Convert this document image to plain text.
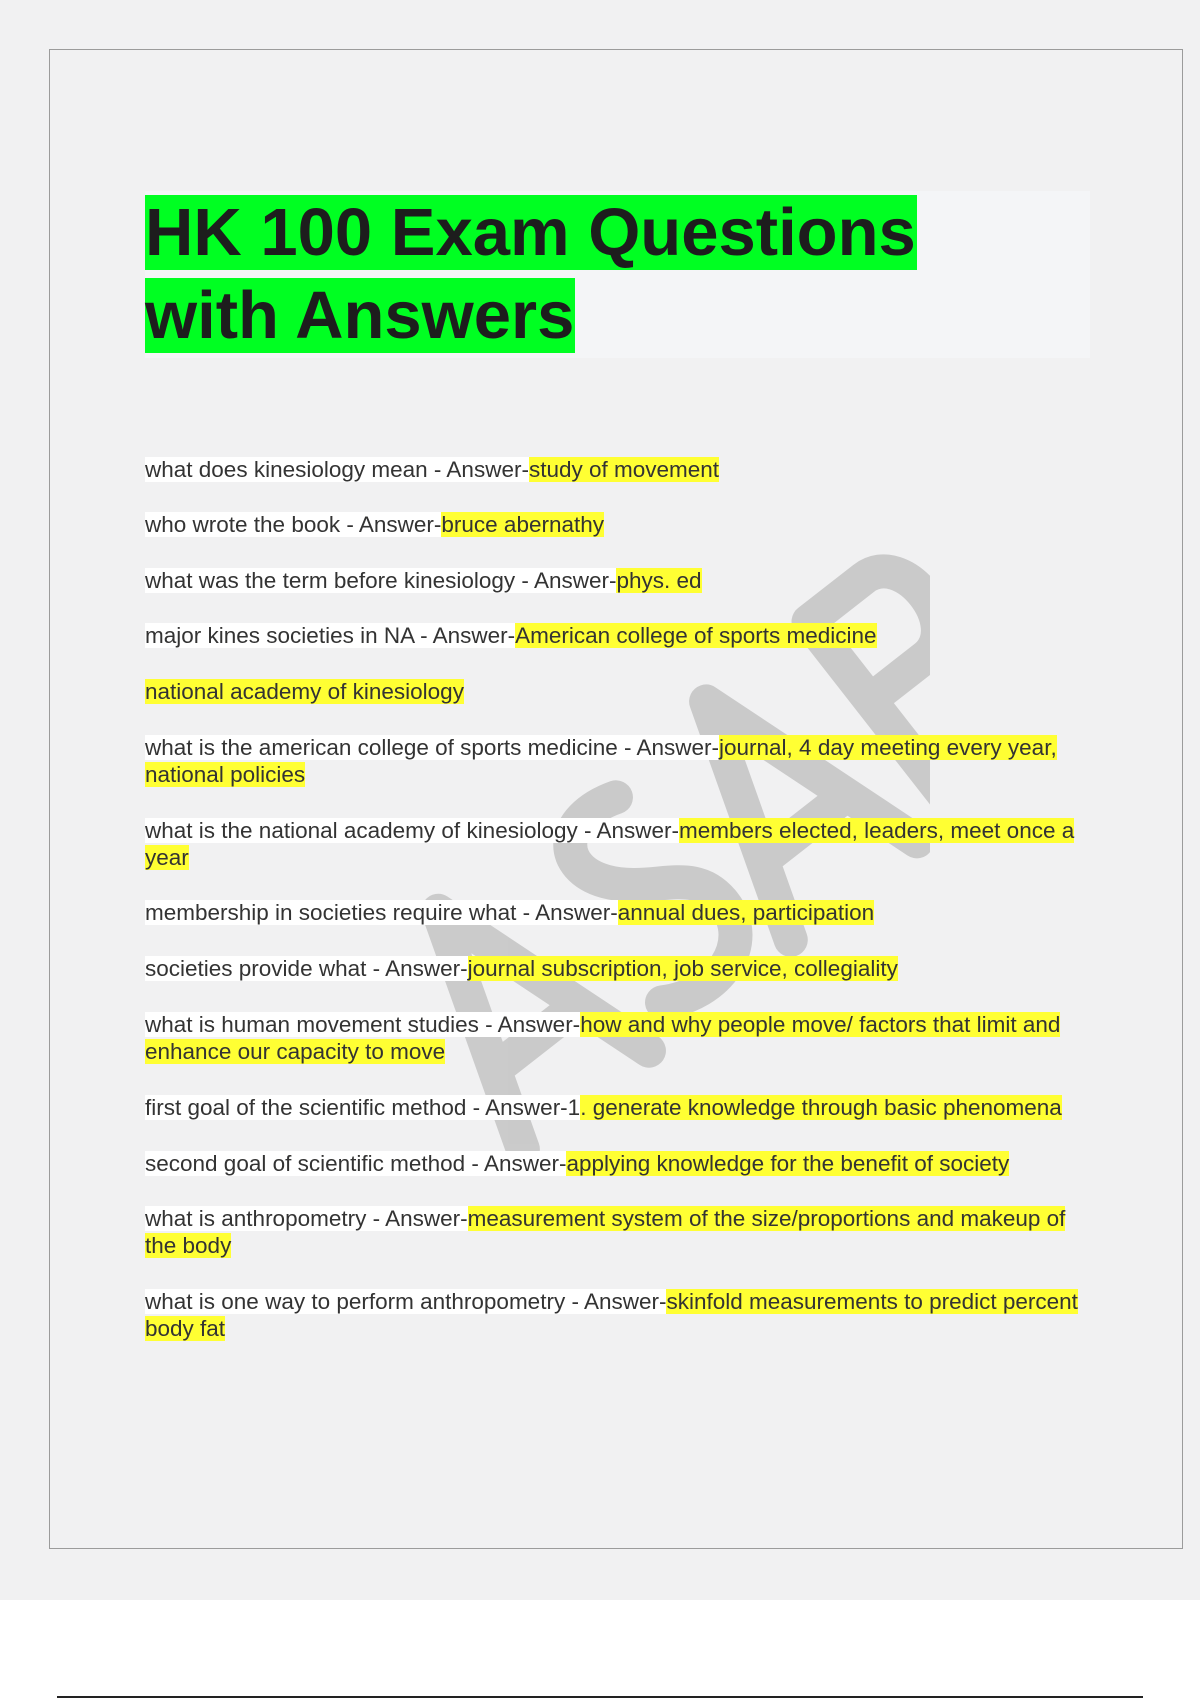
HK 100 Exam Questions
with Answers

what does kinesiology mean - Answer-study of movement

who wrote the book - Answer-bruce abernathy

what was the term before kinesiology - Answer-phys. ed

major kines societies in NA - Answer-American college of sports medicine

national academy of kinesiology

what is the american college of sports medicine - Answer-journal, 4 day meeting every year, national policies

what is the national academy of kinesiology - Answer-members elected, leaders, meet once a year

membership in societies require what - Answer-annual dues, participation

societies provide what - Answer-journal subscription, job service, collegiality

what is human movement studies - Answer-how and why people move/ factors that limit and enhance our capacity to move

first goal of the scientific method - Answer-1. generate knowledge through basic phenomena

second goal of scientific method - Answer-applying knowledge for the benefit of society

what is anthropometry - Answer-measurement system of the size/proportions and makeup of the body

what is one way to perform anthropometry - Answer-skinfold measurements to predict percent body fat
